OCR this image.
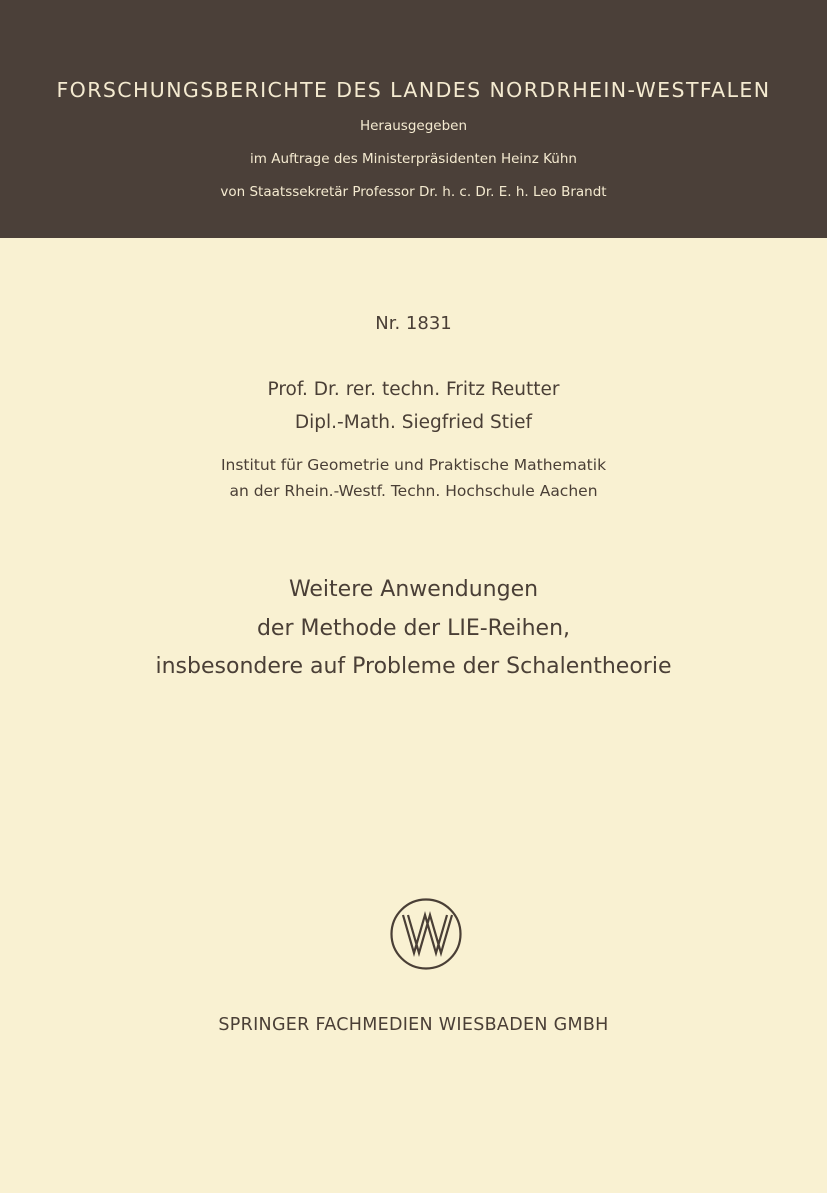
FORSCHUNGSBERICHTE DES LANDES NORDRHEIN-WESTFALEN
Herausgegeben
im Auftrage des Ministerpräsidenten Heinz Kühn
von Staatssekretär Professor Dr. h. c. Dr. E. h. Leo Brandt
Nr. 1831
Prof. Dr. rer. techn. Fritz Reutter
Dipl.-Math. Siegfried Stief
Institut für Geometrie und Praktische Mathematik
an der Rhein.-Westf. Techn. Hochschule Aachen
Weitere Anwendungen
der Methode der LIE-Reihen,
insbesondere auf Probleme der Schalentheorie
SPRINGER FACHMEDIEN WIESBADEN GMBH
